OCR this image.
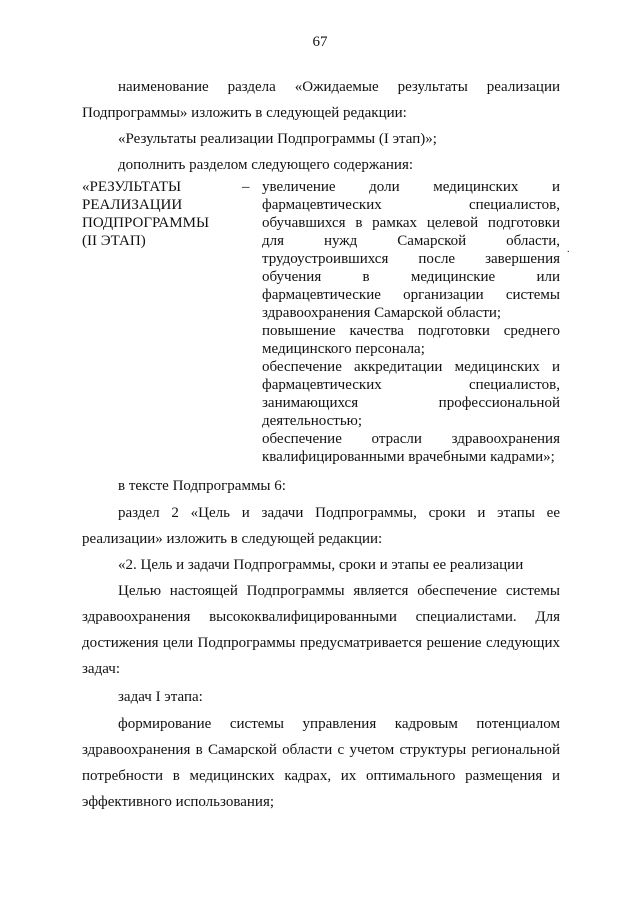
67
наименование раздела «Ожидаемые результаты реализации
Подпрограммы» изложить в следующей редакции:
«Результаты реализации Подпрограммы (I этап)»;
дополнить разделом следующего содержания:
«РЕЗУЛЬТАТЫ
РЕАЛИЗАЦИИ
ПОДПРОГРАММЫ
(II ЭТАП)
– увеличение доли медицинских и
фармацевтических специалистов,
обучавшихся в рамках целевой подготовки
для нужд Самарской области,
трудоустроившихся после завершения
обучения в медицинские или
фармацевтические организации системы
здравоохранения Самарской области;
повышение качества подготовки среднего
медицинского персонала;
обеспечение аккредитации медицинских и
фармацевтических специалистов,
занимающихся профессиональной
деятельностью;
обеспечение отрасли здравоохранения
квалифицированными врачебными кадрами»;
.
в тексте Подпрограммы 6:
раздел 2 «Цель и задачи Подпрограммы, сроки и этапы ее
реализации» изложить в следующей редакции:
«2. Цель и задачи Подпрограммы, сроки и этапы ее реализации
Целью настоящей Подпрограммы является обеспечение системы
здравоохранения высококвалифицированными специалистами. Для
достижения цели Подпрограммы предусматривается решение следующих
задач:
задач I этапа:
формирование системы управления кадровым потенциалом
здравоохранения в Самарской области с учетом структуры региональной
потребности в медицинских кадрах, их оптимального размещения и
эффективного использования;
